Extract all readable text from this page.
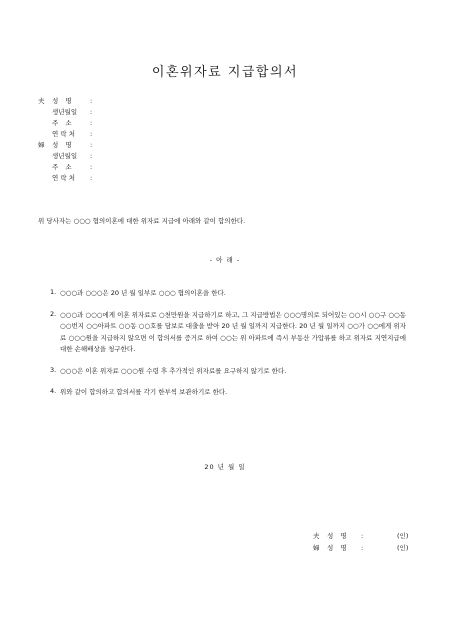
이혼위자료 지급합의서
夫	성 명	:
생년월일	:
주 소	:
연 락 처	:
婦	성 명	:
생년월일	:
주 소	:
연 락 처	:
위 당사자는 ○○○ 협의이혼에 대한 위자료 지급에 아래와 같이 합의한다.
- 아 래 -
1. ○○○과 ○○○은 20 년 월 일부로 ○○○ 협의이혼을 한다.
2. ○○○과 ○○○에게 이혼 위자료로 ○천만원을 지급하기로 하고, 그 지급방법은 ○○○명의로 되어있는 ○○시 ○○구 ○○동 ○○번지 ○○아파트 ○○동 ○○호를 담보로 대출을 받아 20 년 월 일까지 지급한다. 20 년 월 일까지 ○○가 ○○에게 위자료 ○○○원을 지급하지 않으면 이 합의서를 증거로 하여 ○○는 위 아파트에 즉시 부동산 가압류를 하고 위자료 지연지급에 대한 손해배상을 청구한다.
3. ○○○은 이혼 위자료 ○○○원 수령 후 추가적인 위자료를 요구하지 않기로 한다.
4. 위와 같이 합의하고 합의서를 각기 한부씩 보관하기로 한다.
20 년 월 일
夫	성 명	:	(인)
婦	성 명	:	(인)
